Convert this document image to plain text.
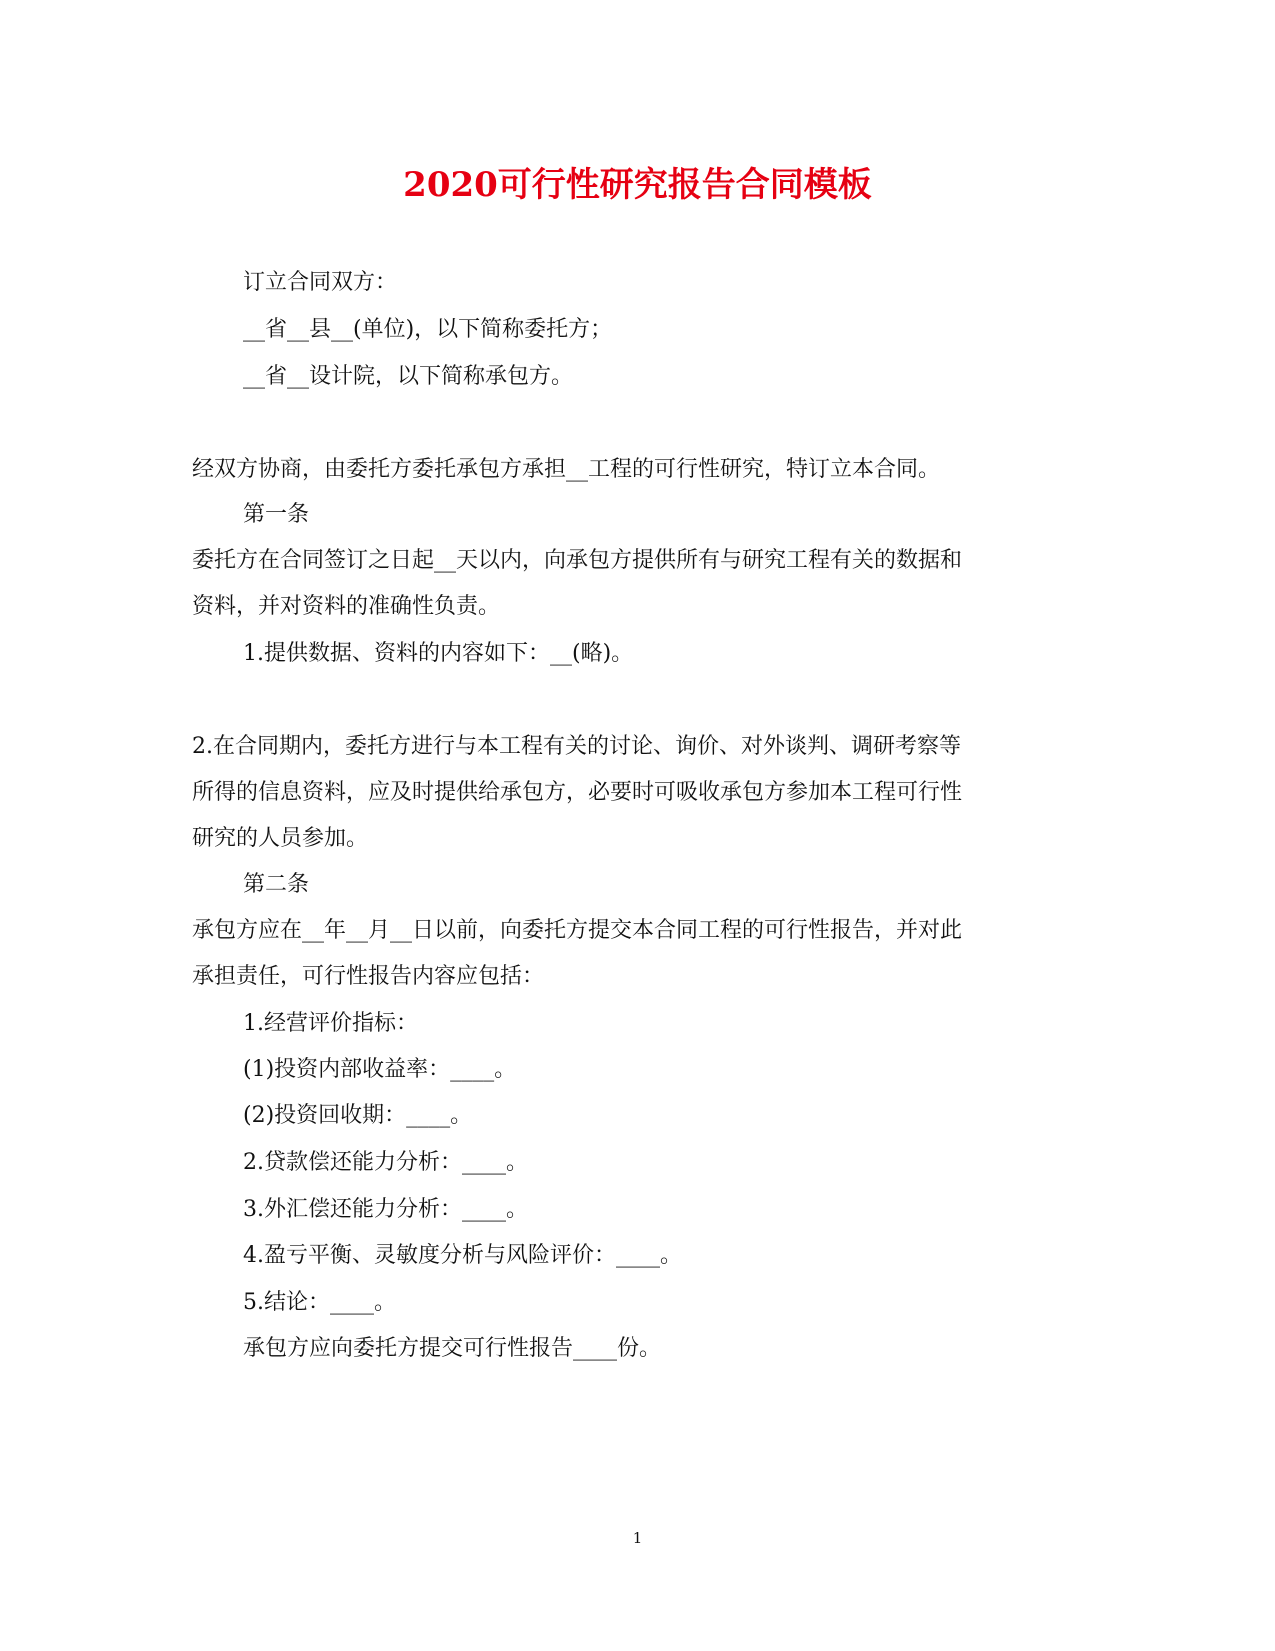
2020可行性研究报告合同模板

订立合同双方：

__省__县__(单位)，以下简称委托方；

__省__设计院，以下简称承包方。

经双方协商，由委托方委托承包方承担__工程的可行性研究，特订立本合同。

第一条

委托方在合同签订之日起__天以内，向承包方提供所有与研究工程有关的数据和

资料，并对资料的准确性负责。

1.提供数据、资料的内容如下：__(略)。

2.在合同期内，委托方进行与本工程有关的讨论、询价、对外谈判、调研考察等

所得的信息资料，应及时提供给承包方，必要时可吸收承包方参加本工程可行性

研究的人员参加。

第二条

承包方应在__年__月__日以前，向委托方提交本合同工程的可行性报告，并对此

承担责任，可行性报告内容应包括：

1.经营评价指标：

(1)投资内部收益率：____。

(2)投资回收期：____。

2.贷款偿还能力分析：____。

3.外汇偿还能力分析：____。

4.盈亏平衡、灵敏度分析与风险评价：____。

5.结论：____。

承包方应向委托方提交可行性报告____份。

1
